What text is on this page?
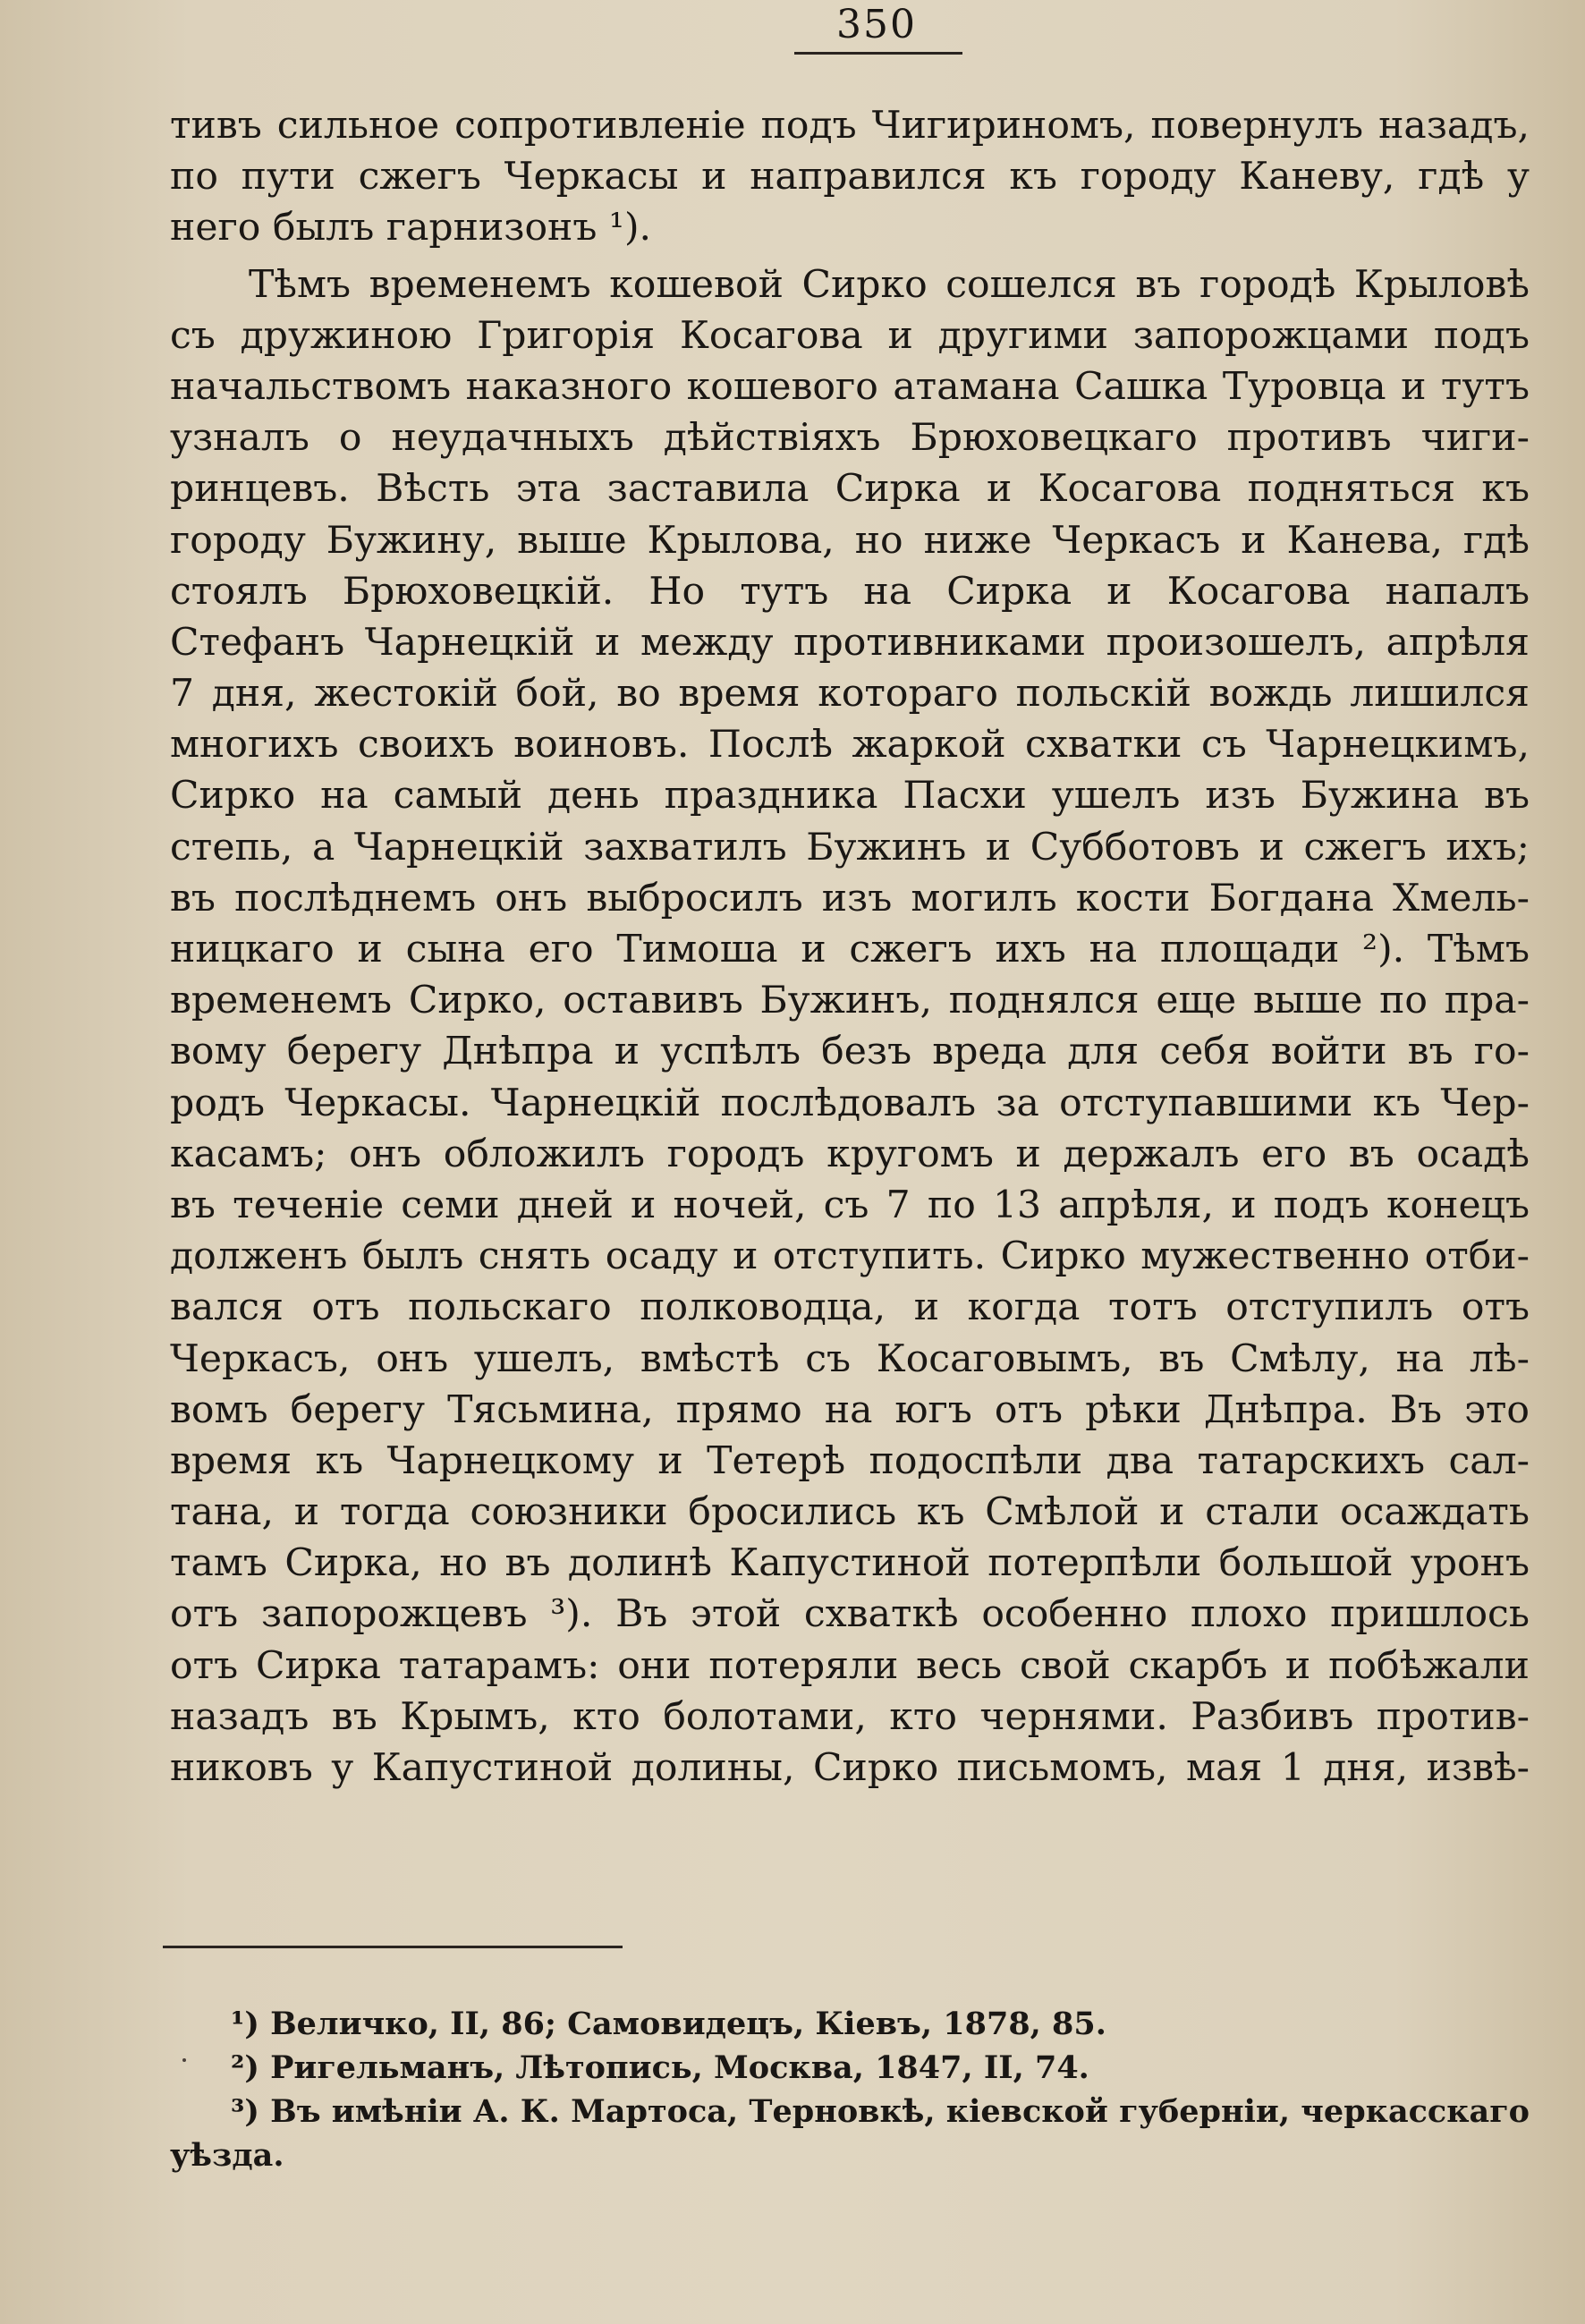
350
тивъ сильное сопротивленіе подъ Чигириномъ, повернулъ назадъ,
по пути сжегъ Черкасы и направился къ городу Каневу, гдѣ у
него былъ гарнизонъ ¹).
Тѣмъ временемъ кошевой Сирко сошелся въ городѣ Крыловѣ
съ дружиною Григорія Косагова и другими запорожцами подъ
начальствомъ наказного кошевого атамана Сашка Туровца и тутъ
узналъ о неудачныхъ дѣйствіяхъ Брюховецкаго противъ чиги-
ринцевъ. Вѣсть эта заставила Сирка и Косагова подняться къ
городу Бужину, выше Крылова, но ниже Черкасъ и Канева, гдѣ
стоялъ Брюховецкій. Но тутъ на Сирка и Косагова напалъ
Стефанъ Чарнецкій и между противниками произошелъ, апрѣля
7 дня, жестокій бой, во время котораго польскій вождь лишился
многихъ своихъ воиновъ. Послѣ жаркой схватки съ Чарнецкимъ,
Сирко на самый день праздника Пасхи ушелъ изъ Бужина въ
степь, а Чарнецкій захватилъ Бужинъ и Субботовъ и сжегъ ихъ;
въ послѣднемъ онъ выбросилъ изъ могилъ кости Богдана Хмель-
ницкаго и сына его Тимоша и сжегъ ихъ на площади ²). Тѣмъ
временемъ Сирко, оставивъ Бужинъ, поднялся еще выше по пра-
вому берегу Днѣпра и успѣлъ безъ вреда для себя войти въ го-
родъ Черкасы. Чарнецкій послѣдовалъ за отступавшими къ Чер-
касамъ; онъ обложилъ городъ кругомъ и держалъ его въ осадѣ
въ теченіе семи дней и ночей, съ 7 по 13 апрѣля, и подъ конецъ
долженъ былъ снять осаду и отступить. Сирко мужественно отби-
вался отъ польскаго полководца, и когда тотъ отступилъ отъ
Черкасъ, онъ ушелъ, вмѣстѣ съ Косаговымъ, въ Смѣлу, на лѣ-
вомъ берегу Тясьмина, прямо на югъ отъ рѣки Днѣпра. Въ это
время къ Чарнецкому и Тетерѣ подоспѣли два татарскихъ сал-
тана, и тогда союзники бросились къ Смѣлой и стали осаждать
тамъ Сирка, но въ долинѣ Капустиной потерпѣли большой уронъ
отъ запорожцевъ ³). Въ этой схваткѣ особенно плохо пришлось
отъ Сирка татарамъ: они потеряли весь свой скарбъ и побѣжали
назадъ въ Крымъ, кто болотами, кто чернями. Разбивъ против-
никовъ у Капустиной долины, Сирко письмомъ, мая 1 дня, извѣ-
¹) Величко, II, 86; Самовидецъ, Кіевъ, 1878, 85.
²) Ригельманъ, Лѣтопись, Москва, 1847, II, 74.
³) Въ имѣніи А. К. Мартоса, Терновкѣ, кіевской губерніи, черкасскаго
уѣзда.
